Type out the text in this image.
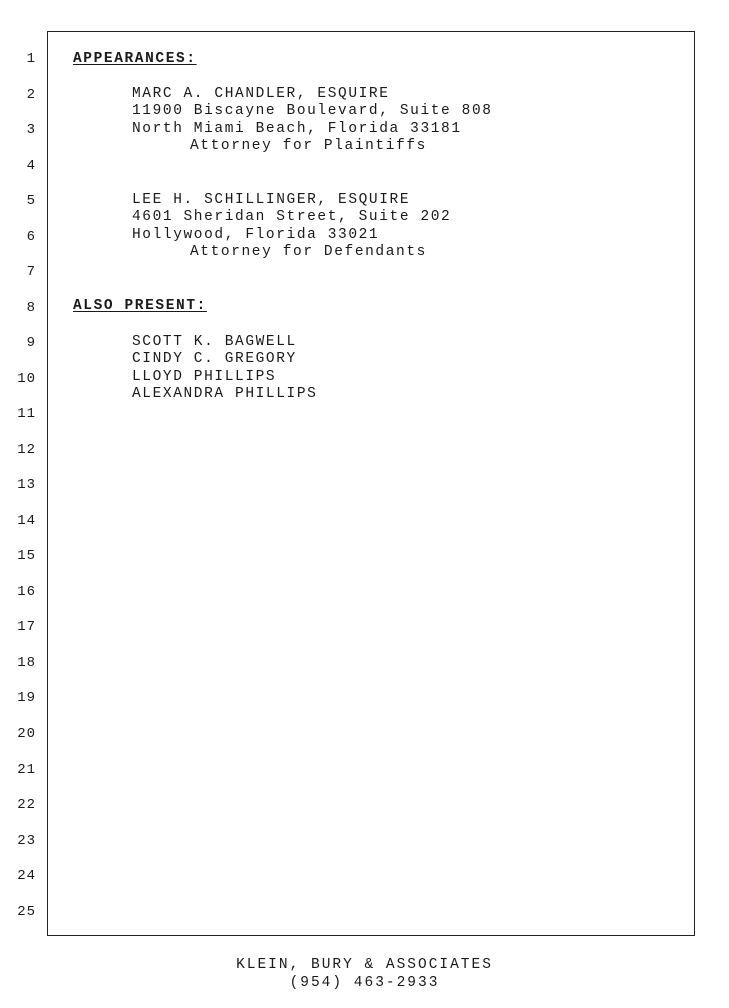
1
2
3
4
5
6
7
8
9
10
11
12
13
14
15
16
17
18
19
20
21
22
23
24
25
APPEARANCES:
MARC A. CHANDLER, ESQUIRE
11900 Biscayne Boulevard, Suite 808
North Miami Beach, Florida 33181
Attorney for Plaintiffs
LEE H. SCHILLINGER, ESQUIRE
4601 Sheridan Street, Suite 202
Hollywood, Florida 33021
Attorney for Defendants
ALSO PRESENT:
SCOTT K. BAGWELL
CINDY C. GREGORY
LLOYD PHILLIPS
ALEXANDRA PHILLIPS
KLEIN, BURY & ASSOCIATES
(954) 463-2933
